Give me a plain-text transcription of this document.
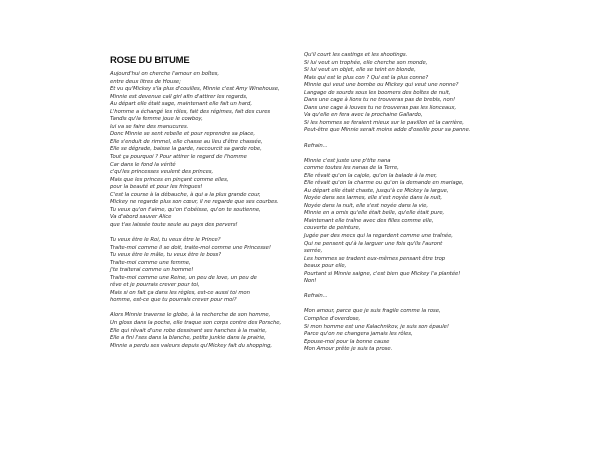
ROSE DU BITUME
Aujourd'hui on cherche l'amour en boîtes,
entre deux litres de House;
Et vu qu'Mickey s'la plus d'couilles, Minnie c'est Amy Winehouse,
Minnie est devenue call girl afin d'attirer les regards,
Au départ elle était sage, maintenant elle fait un hard,
L'homme a échangé les rôles, fait des régimes, fait des cures
Tandis qu'la femme joue le cowboy,
lui va se faire des manucures.
Donc Minnie se sent rebelle et pour reprendre sa place,
Elle s'enduit de rimmel, elle chasse au lieu d'être chassée,
Elle se dégrade, baisse la garde, raccourcit sa garde robe,
Tout ça pourquoi ? Pour attirer le regard de l'homme
Car dans le fond la vérité
c'qu'les princesses veulent des princes,
Mais que les princes en pinçant comme elles,
pour la beauté et pour les fringues!
C'est la course à la débauche, à qui a la plus grande cour,
Mickey ne regarde plus son cœur, il ne regarde que ses courbes.
Tu veux qu'on t'aime, qu'on t'obéisse, qu'on te soutienne,
Va d'abord sauver Alice
que t'as laissée toute seule au pays des pervers!
Tu veux être le Roi, tu veux être le Prince?
Traite-moi comme il se doit, traite-moi comme une Princesse!
Tu veux être le mâle, tu veux être le boss?
Traite-moi comme une femme,
j'te traiterai comme un homme!
Traite-moi comme une Reine, un peu de love, un peu de
rêve et je pourrais crever pour toi,
Mais si on fait ça dans les règles, est-ce aussi toi mon
homme, est-ce que tu pourrais crever pour moi?
Alors Minnie traverse le globe, à la recherche de son homme,
Un gloss dans la poche, elle traque son corps contre des Porsche,
Elle qui rêvait d'une robe dessinant ses hanches à la mairie,
Elle a fini l'ses dans la blanche, petite junkie dans la prairie,
Minnie a perdu ses valeurs depuis qu'Mickey fait du shopping,
Qu'il court les castings et les shootings.
Si lui veut un trophée, elle cherche son monde,
Si lui veut un objet, elle se teint en blonde,
Mais qui est le plus con ? Qui est la plus conne?
Minnie qui veut une bombe ou Mickey qui veut une nonne?
Langage de sourds sous les boomers des boîtes de nuit,
Dans une cage à lions tu ne trouveras pas de brebis, non!
Dans une cage à louves tu ne trouveras pas les lionceaux,
Va qu'elle en fera avec la prochaine Gallardo,
Si les hommes se feraient mieux sur le pavillon et la carrière,
Peut-être que Minnie serait moins adde d'oseille pour sa panne.
Refrain...
Minnie c'est juste une p'tite nana
comme toutes les nanas de la Terre,
Elle rêvait qu'on la cajole, qu'on la balade à la mer,
Elle rêvait qu'on la charme ou qu'on la demande en mariage,
Au départ elle était chaste, jusqu'à ce Mickey la largue,
Noyée dans ses larmes, elle s'est noyée dans la nuit,
Noyée dans la nuit, elle s'est noyée dans la vie,
Minnie en a omis qu'elle était belle, qu'elle était pure,
Maintenant elle traîne avec des filles comme elle,
couverte de peinture,
Jugée par des mecs qui la regardent comme une traînée,
Qui ne pensent qu'à la larguer une fois qu'ils l'auront
serrée,
Les hommes se tradent eux-mêmes pensant être trop
beaux pour elle,
Pourtant si Minnie saigne, c'est bien que Mickey l'a plantée!
Non!
Refrain...
Mon amour, parce que je suis fragile comme la rose,
Complice d'overdose,
Si mon homme est une Kalachnikov, je suis son épaule!
Parce qu'on ne changera jamais les rôles,
Epouse-moi pour la bonne cause
Mon Amour prête je suis ta prose.
